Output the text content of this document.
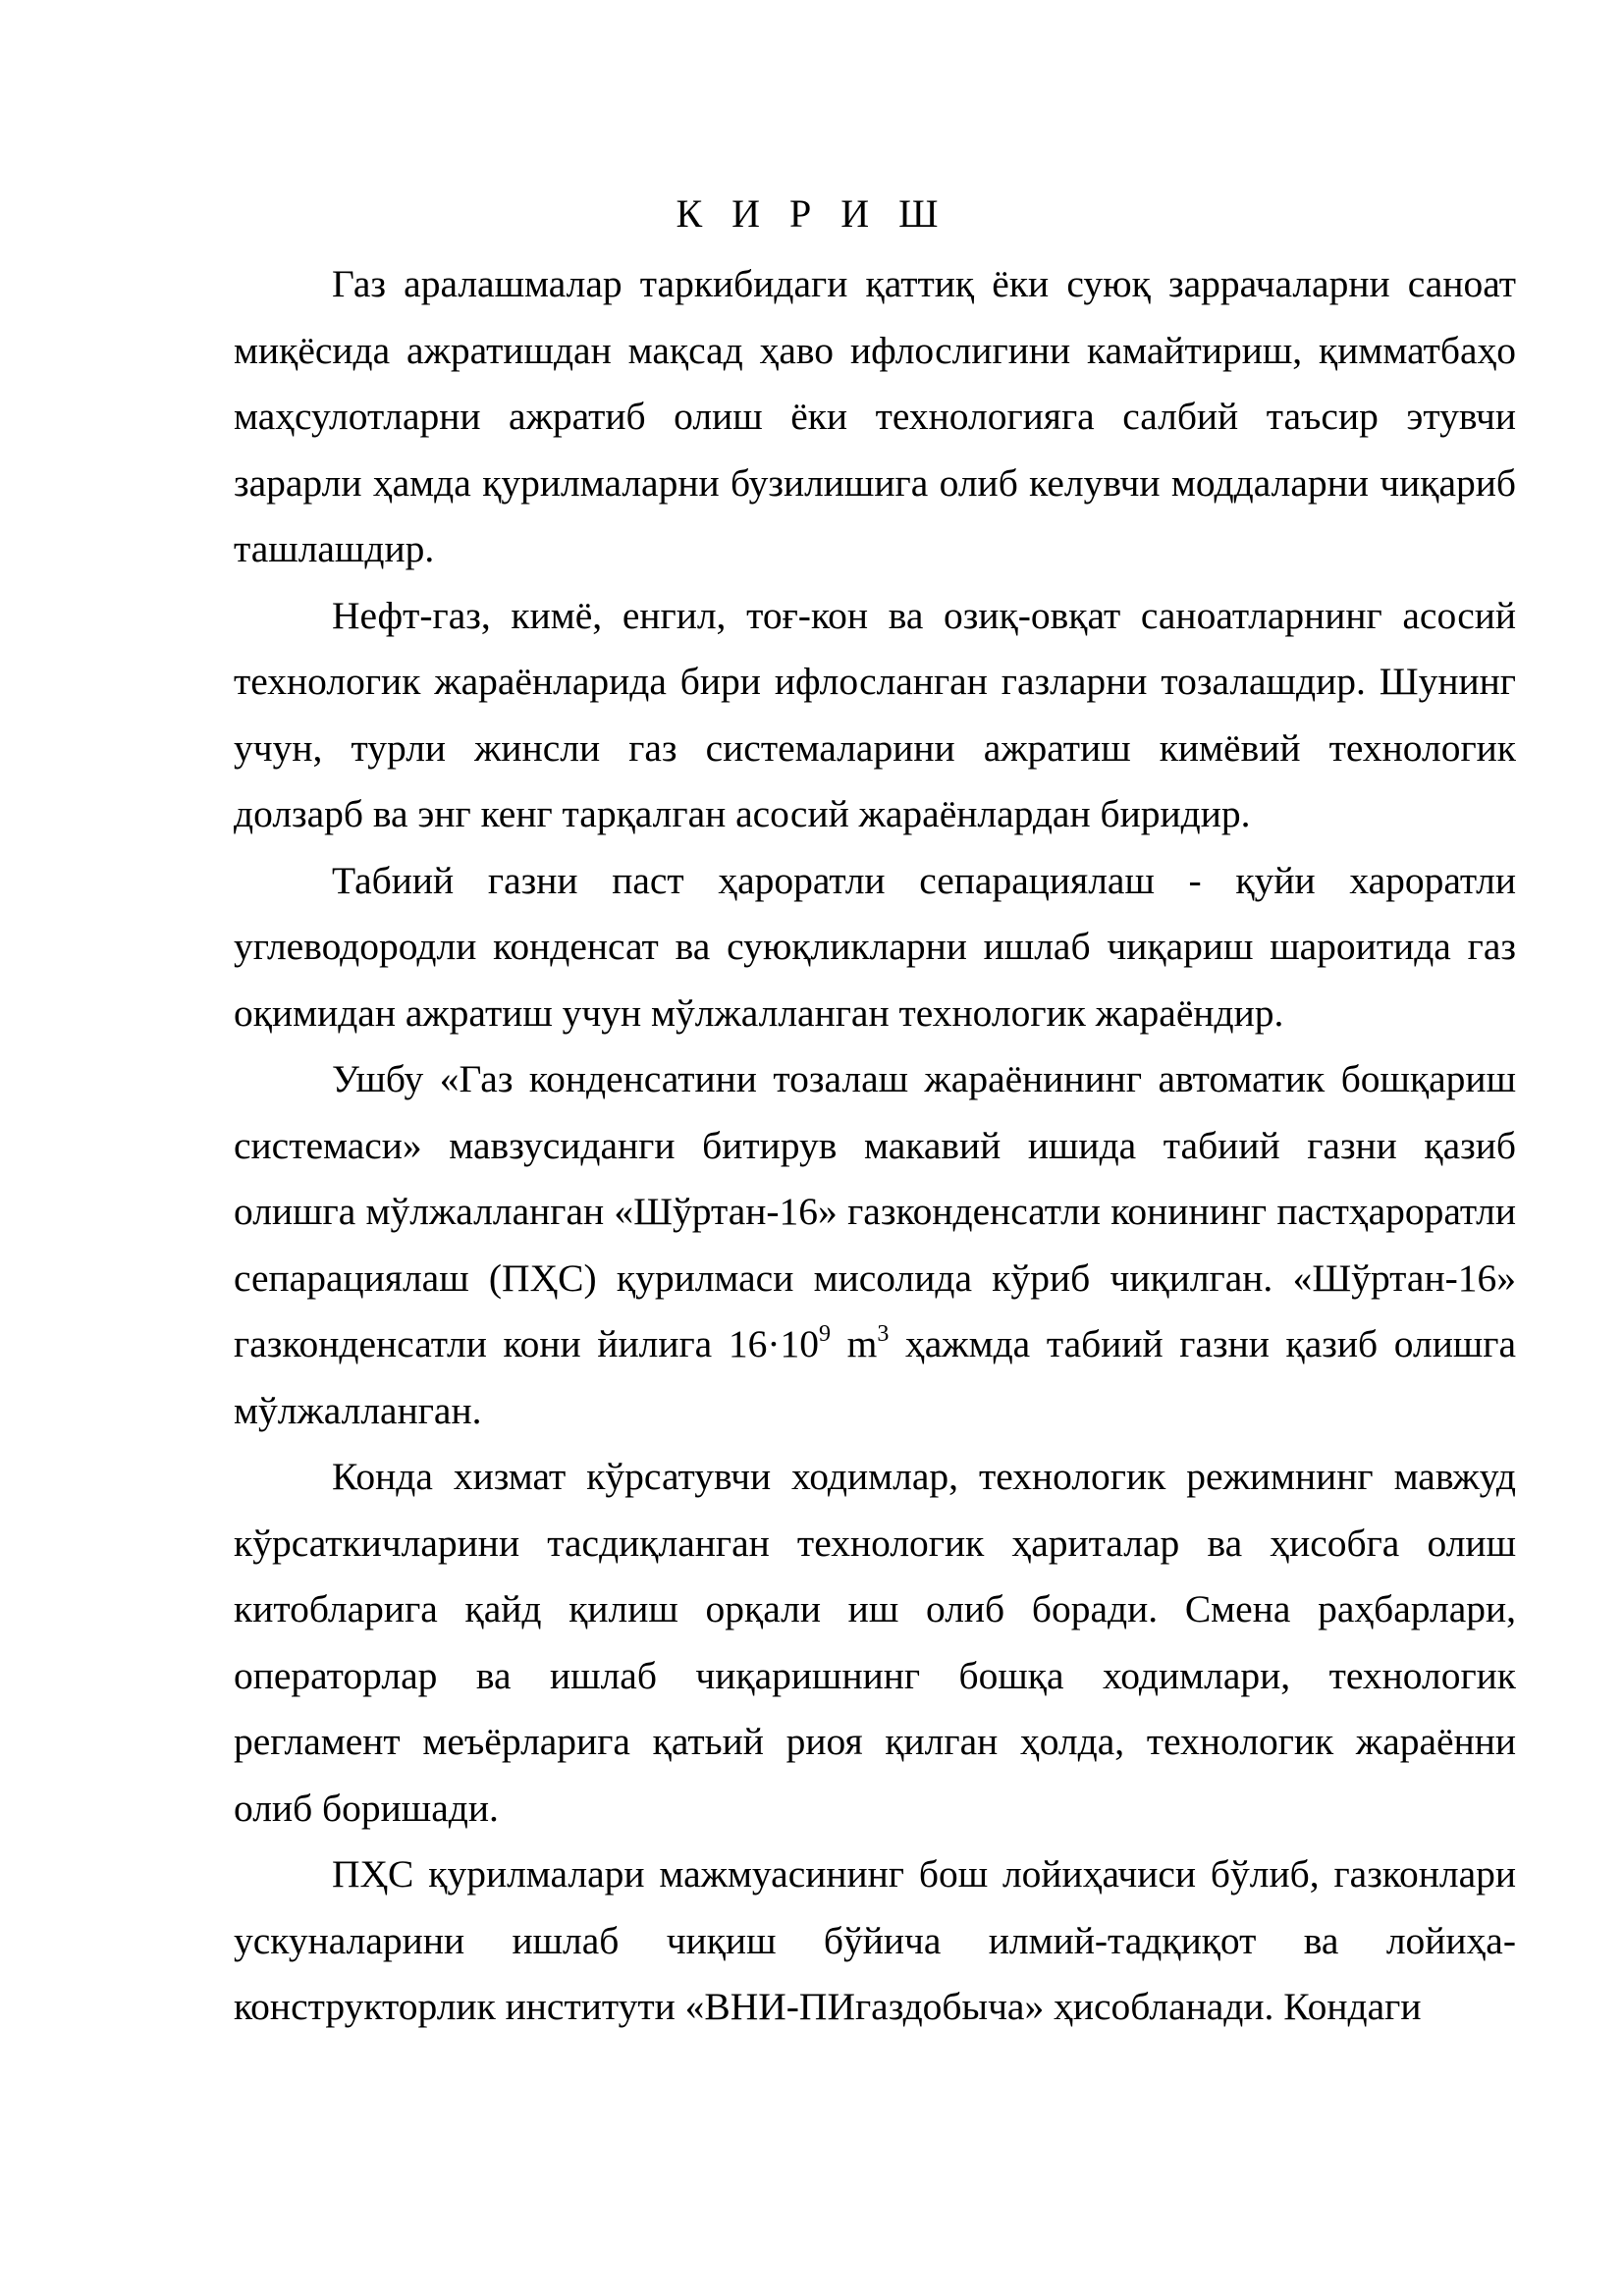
К И Р И Ш

Газ аралашмалар таркибидаги қаттиқ ёки суюқ заррачаларни саноат миқёсида ажратишдан мақсад ҳаво ифлослигини камайтириш, қимматбаҳо маҳсулотларни ажратиб олиш ёки технологияга салбий таъсир этувчи зарарли ҳамда қурилмаларни бузилишига олиб келувчи моддаларни чиқариб ташлашдир.

Нефт-газ, кимё, енгил, тоғ-кон ва озиқ-овқат саноатларнинг асосий технологик жараёнларида бири ифлосланган газларни тозалашдир. Шунинг учун, турли жинсли газ системаларини ажратиш кимёвий технологик долзарб ва энг кенг тарқалган асосий жараёнлардан биридир.

Табиий газни паст ҳароратли сепарациялаш - қуйи хароратли углеводородли конденсат ва суюқликларни ишлаб чиқариш шароитида газ оқимидан ажратиш учун мўлжалланган технологик жараёндир.

Ушбу «Газ конденсатини тозалаш жараёнининг автоматик бошқариш системаси» мавзусиданги битирув макавий ишида табиий газни қазиб олишга мўлжалланган «Шўртан-16» газконденсатли конининг пастҳароратли сепарациялаш (ПҲС) қурилмаси мисолида кўриб чиқилган. «Шўртан-16» газконденсатли кони йилига $16\cdot 10^9$ $m^3$ ҳажмда табиий газни қазиб олишга мўлжалланган.

Конда хизмат кўрсатувчи ходимлар, технологик режимнинг мавжуд кўрсаткичларини тасдиқланган технологик ҳариталар ва ҳисобга олиш китобларига қайд қилиш орқали иш олиб боради. Смена раҳбарлари, операторлар ва ишлаб чиқаришнинг бошқа ходимлари, технологик регламент меъёрларига қатьий риоя қилган ҳолда, технологик жараённи олиб боришади.

ПҲС қурилмалари мажмуасининг бош лойиҳачиси бўлиб, газконлари ускуналарини ишлаб чиқиш бўйича илмий-тадқиқот ва лойиҳа-конструкторлик институти «ВНИ-ПИгаздобыча» ҳисобланади. Кондаги
